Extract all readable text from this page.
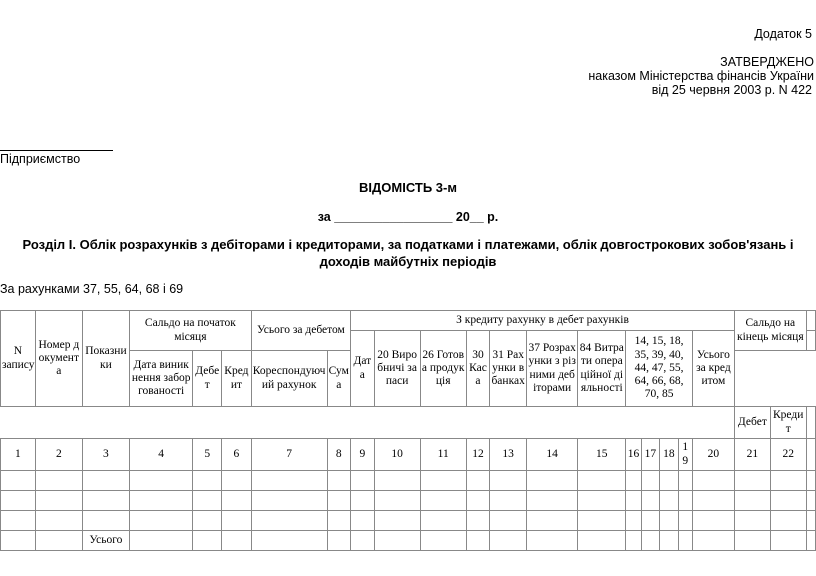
Додаток 5
ЗАТВЕРДЖЕНО
наказом Міністерства фінансів України
від 25 червня 2003 р. N 422
Підприємство
ВІДОМІСТЬ 3-м
за _________________ 20__ р.
Розділ I. Облік розрахунків з дебіторами і кредиторами, за податками і платежами, облік довгострокових зобов'язань і
доходів майбутніх періодів
За рахунками 37, 55, 64, 68 і 69
N запису	Номер документа	Показники	Сальдо на початок місяця			Усього за дебетом		З кредиту рахунку в дебет рахунків												Сальдо на кінець місяця		
								Дата	20 Виробничі запаси	26 Готова продукція	30 Каса	31 Рахунки в банках	37 Розрахунки з різними дебіторами	84 Витрати операційної діяльності	14, 15, 18, 35, 39, 40, 44, 47, 55, 64, 66, 68, 70, 85				Усього за кредитом			
			Дата виникнення заборгованості	Дебет	Кредит	Кореспондуючий рахунок	Сума														
																				Дебет	Кредит	
1	2	3	4	5	6	7	8	9	10	11	12	13	14	15	16	17	18	19	20	21	22	

		Усього																				
